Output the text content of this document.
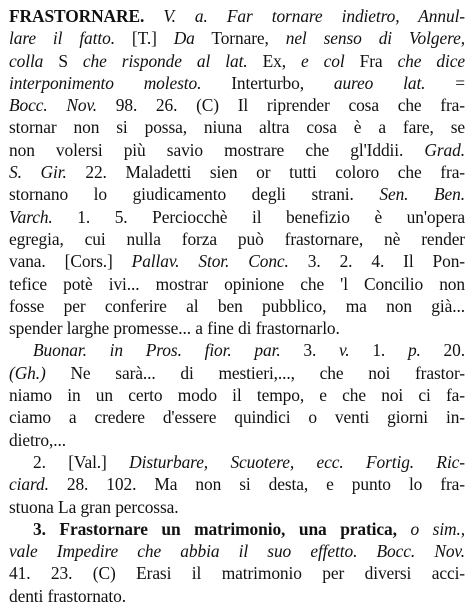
FRASTORNARE. V. a. Far tornare indietro, Annul-
lare il fatto. [T.] Da Tornare, nel senso di Volgere,
colla S che risponde al lat. Ex, e col Fra che dice
interponimento molesto. Interturbo, aureo lat. =
Bocc. Nov. 98. 26. (C) Il riprender cosa che fra-
stornar non si possa, niuna altra cosa è a fare, se
non volersi più savio mostrare che gl'Iddii. Grad.
S. Gir. 22. Maladetti sien or tutti coloro che fra-
stornano lo giudicamento degli strani. Sen. Ben.
Varch. 1. 5. Perciocchè il benefizio è un'opera
egregia, cui nulla forza può frastornare, nè render
vana. [Cors.] Pallav. Stor. Conc. 3. 2. 4. Il Pon-
tefice potè ivi... mostrar opinione che 'l Concilio non
fosse per conferire al ben pubblico, ma non già...
spender larghe promesse... a fine di frastornarlo.
Buonar. in Pros. fior. par. 3. v. 1. p. 20.
(Gh.) Ne sarà... di mestieri,..., che noi frastor-
niamo in un certo modo il tempo, e che noi ci fa-
ciamo a credere d'essere quindici o venti giorni in-
dietro,...
2. [Val.] Disturbare, Scuotere, ecc. Fortig. Ric-
ciard. 28. 102. Ma non si desta, e punto lo fra-
stuona La gran percossa.
3. Frastornare un matrimonio, una pratica, o sim.,
vale Impedire che abbia il suo effetto. Bocc. Nov.
41. 23. (C) Erasi il matrimonio per diversi acci-
denti frastornato.
